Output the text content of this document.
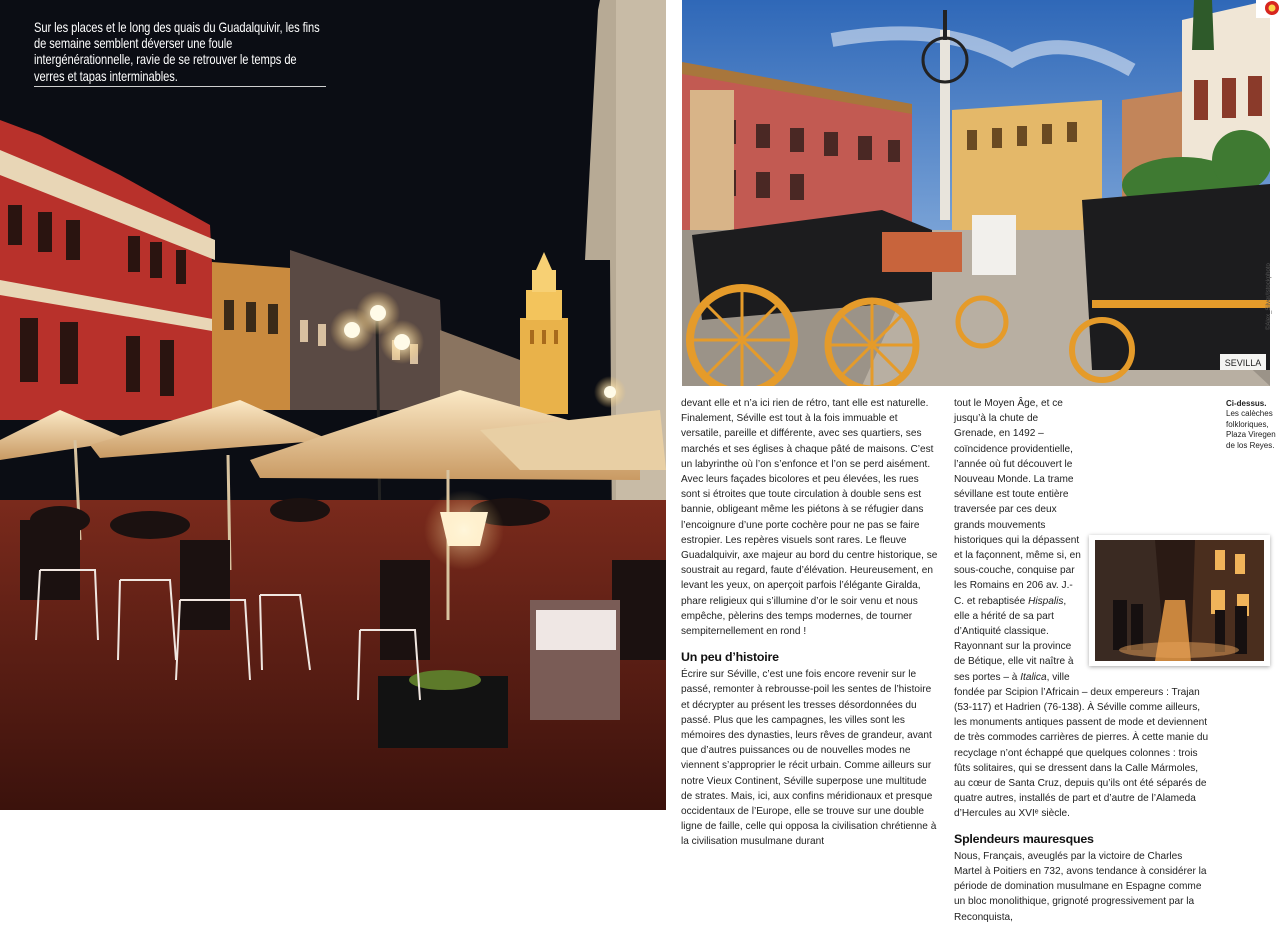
Sur les places et le long des quais du Guadalquivir, les fins de semaine semblent déverser une foule intergénérationnelle, ravie de se retrouver le temps de verres et tapas interminables.
SEVILLA
©Alex_Silver/Istockphoto
Ci-dessus.
Les calèches folkloriques, Plaza Viregen de los Reyes.

devant elle et n’a ici rien de rétro, tant elle est naturelle. Finalement, Séville est tout à la fois immuable et versatile, pareille et différente, avec ses quartiers, ses marchés et ses églises à chaque pâté de maisons. C’est un labyrinthe où l’on s’enfonce et l’on se perd aisément. Avec leurs façades bicolores et peu élevées, les rues sont si étroites que toute circulation à double sens est bannie, obligeant même les piétons à se réfugier dans l’encoignure d’une porte cochère pour ne pas se faire estropier. Les repères visuels sont rares. Le fleuve Guadalquivir, axe majeur au bord du centre historique, se soustrait au regard, faute d’élévation. Heureusement, en levant les yeux, on aperçoit parfois l’élégante Giralda, phare religieux qui s’illumine d’or le soir venu et nous empêche, pèlerins des temps modernes, de tourner sempiternellement en rond !

Un peu d’histoire

Écrire sur Séville, c’est une fois encore revenir sur le passé, remonter à rebrousse-poil les sentes de l’histoire et décrypter au présent les tresses désordonnées du passé. Plus que les campagnes, les villes sont les mémoires des dynasties, leurs rêves de grandeur, avant que d’autres puissances ou de nouvelles modes ne viennent s’approprier le récit urbain. Comme ailleurs sur notre Vieux Continent, Séville superpose une multitude de strates. Mais, ici, aux confins méridionaux et presque occidentaux de l’Europe, elle se trouve sur une double ligne de faille, celle qui opposa la civilisation chrétienne à la civilisation musulmane durant

tout le Moyen Âge, et ce jusqu’à la chute de Grenade, en 1492 – coïncidence providentielle, l’année où fut découvert le Nouveau Monde. La trame sévillane est toute entière traversée par ces deux grands mouvements historiques qui la dépassent et la façonnent, même si, en sous-couche, conquise par les Romains en 206 av. J.-C. et rebaptisée Hispalis, elle a hérité de sa part d’Antiquité classique. Rayonnant sur la province de Bétique, elle vit naître à ses portes – à Italica, ville fondée par Scipion l’Africain – deux empereurs : Trajan (53-117) et Hadrien (76-138). À Séville comme ailleurs, les monuments antiques passent de mode et deviennent de très commodes carrières de pierres. À cette manie du recyclage n’ont échappé que quelques colonnes : trois fûts solitaires, qui se dressent dans la Calle Mármoles, au cœur de Santa Cruz, depuis qu’ils ont été séparés de quatre autres, installés de part et d’autre de l’Alameda d’Hercules au XVIᵉ siècle.

Splendeurs mauresques

Nous, Français, aveuglés par la victoire de Charles Martel à Poitiers en 732, avons tendance à considérer la période de domination musulmane en Espagne comme un bloc monolithique, grignoté progressivement par la Reconquista,
